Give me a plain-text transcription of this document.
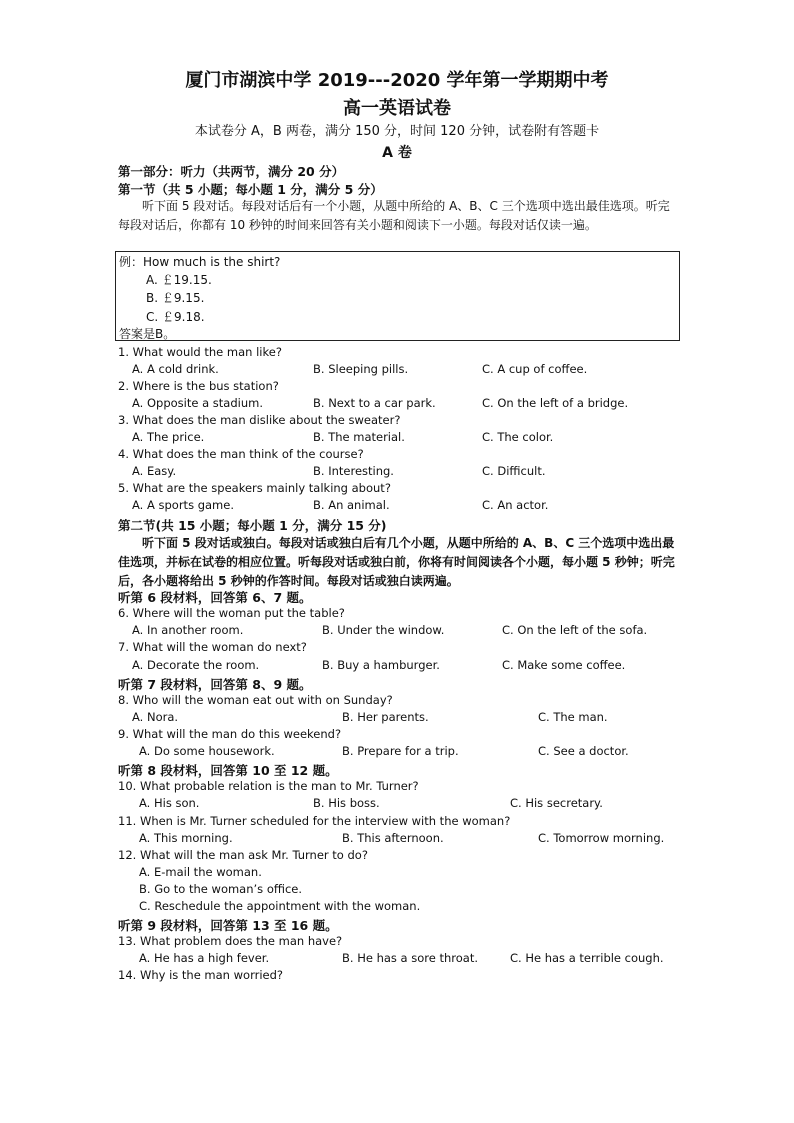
厦门市湖滨中学 2019---2020 学年第一学期期中考
高一英语试卷
本试卷分 A，B 两卷，满分 150 分，时间 120 分钟，试卷附有答题卡
A 卷
第一部分：听力（共两节，满分 20 分）
第一节（共 5 小题；每小题 1 分，满分 5 分）
听下面 5 段对话。每段对话后有一个小题，从题中所给的 A、B、C 三个选项中选出最佳选项。听完每段对话后，你都有 10 秒钟的时间来回答有关小题和阅读下一小题。每段对话仅读一遍。
例：How much is the shirt?
A. ￡19.15.
B. ￡9.15.
C. ￡9.18.
答案是B。
1. What would the man like?
A. A cold drink.	B. Sleeping pills.	C. A cup of coffee.
2. Where is the bus station?
A. Opposite a stadium.	B. Next to a car park.	C. On the left of a bridge.
3. What does the man dislike about the sweater?
A. The price.	B. The material.	C. The color.
4. What does the man think of the course?
A. Easy.	B. Interesting.	C. Difficult.
5. What are the speakers mainly talking about?
A. A sports game.	B. An animal.	C. An actor.
第二节(共 15 小题；每小题 1 分，满分 15 分)
听下面 5 段对话或独白。每段对话或独白后有几个小题，从题中所给的 A、B、C 三个选项中选出最佳选项，并标在试卷的相应位置。听每段对话或独白前，你将有时间阅读各个小题，每小题 5 秒钟；听完后，各小题将给出 5 秒钟的作答时间。每段对话或独白读两遍。
听第 6 段材料，回答第 6、7 题。
6. Where will the woman put the table?
A. In another room.	B. Under the window.	C. On the left of the sofa.
7. What will the woman do next?
A. Decorate the room.	B. Buy a hamburger.	C. Make some coffee.
听第 7 段材料，回答第 8、9 题。
8. Who will the woman eat out with on Sunday?
A. Nora.	B. Her parents.	C. The man.
9. What will the man do this weekend?
A. Do some housework.	B. Prepare for a trip.	C. See a doctor.
听第 8 段材料，回答第 10 至 12 题。
10. What probable relation is the man to Mr. Turner?
A. His son.	B. His boss.	C. His secretary.
11. When is Mr. Turner scheduled for the interview with the woman?
A. This morning.	B. This afternoon.	C. Tomorrow morning.
12. What will the man ask Mr. Turner to do?
A. E-mail the woman.
B. Go to the woman’s office.
C. Reschedule the appointment with the woman.
听第 9 段材料，回答第 13 至 16 题。
13. What problem does the man have?
A. He has a high fever.	B. He has a sore throat.	C. He has a terrible cough.
14. Why is the man worried?
